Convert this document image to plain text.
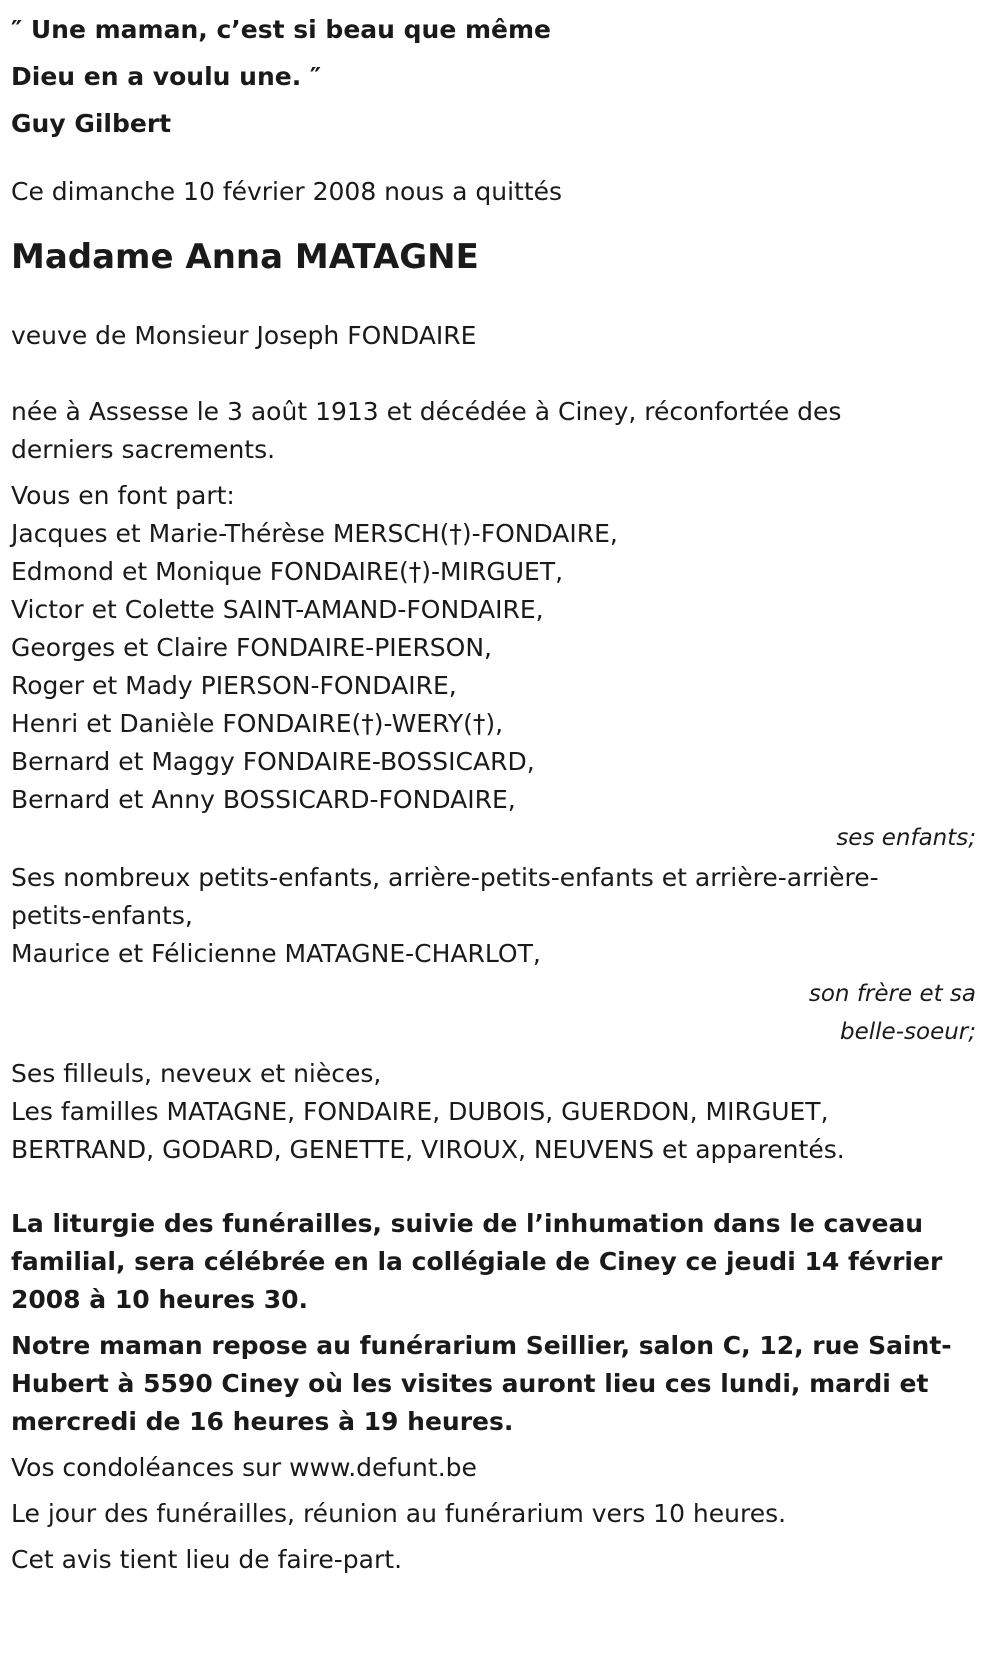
″ Une maman, c’est si beau que même
Dieu en a voulu une. ″
Guy Gilbert
Ce dimanche 10 février 2008 nous a quittés
Madame Anna MATAGNE
veuve de Monsieur Joseph FONDAIRE
née à Assesse le 3 août 1913 et décédée à Ciney, réconfortée des
derniers sacrements.
Vous en font part:
Jacques et Marie-Thérèse MERSCH(†)-FONDAIRE,
Edmond et Monique FONDAIRE(†)-MIRGUET,
Victor et Colette SAINT-AMAND-FONDAIRE,
Georges et Claire FONDAIRE-PIERSON,
Roger et Mady PIERSON-FONDAIRE,
Henri et Danièle FONDAIRE(†)-WERY(†),
Bernard et Maggy FONDAIRE-BOSSICARD,
Bernard et Anny BOSSICARD-FONDAIRE,
ses enfants;
Ses nombreux petits-enfants, arrière-petits-enfants et arrière-arrière-
petits-enfants,
Maurice et Félicienne MATAGNE-CHARLOT,
son frère et sa
belle-soeur;
Ses filleuls, neveux et nièces,
Les familles MATAGNE, FONDAIRE, DUBOIS, GUERDON, MIRGUET,
BERTRAND, GODARD, GENETTE, VIROUX, NEUVENS et apparentés.
La liturgie des funérailles, suivie de l’inhumation dans le caveau
familial, sera célébrée en la collégiale de Ciney ce jeudi 14 février
2008 à 10 heures 30.
Notre maman repose au funérarium Seillier, salon C, 12, rue Saint-
Hubert à 5590 Ciney où les visites auront lieu ces lundi, mardi et
mercredi de 16 heures à 19 heures.
Vos condoléances sur www.defunt.be
Le jour des funérailles, réunion au funérarium vers 10 heures.
Cet avis tient lieu de faire-part.
